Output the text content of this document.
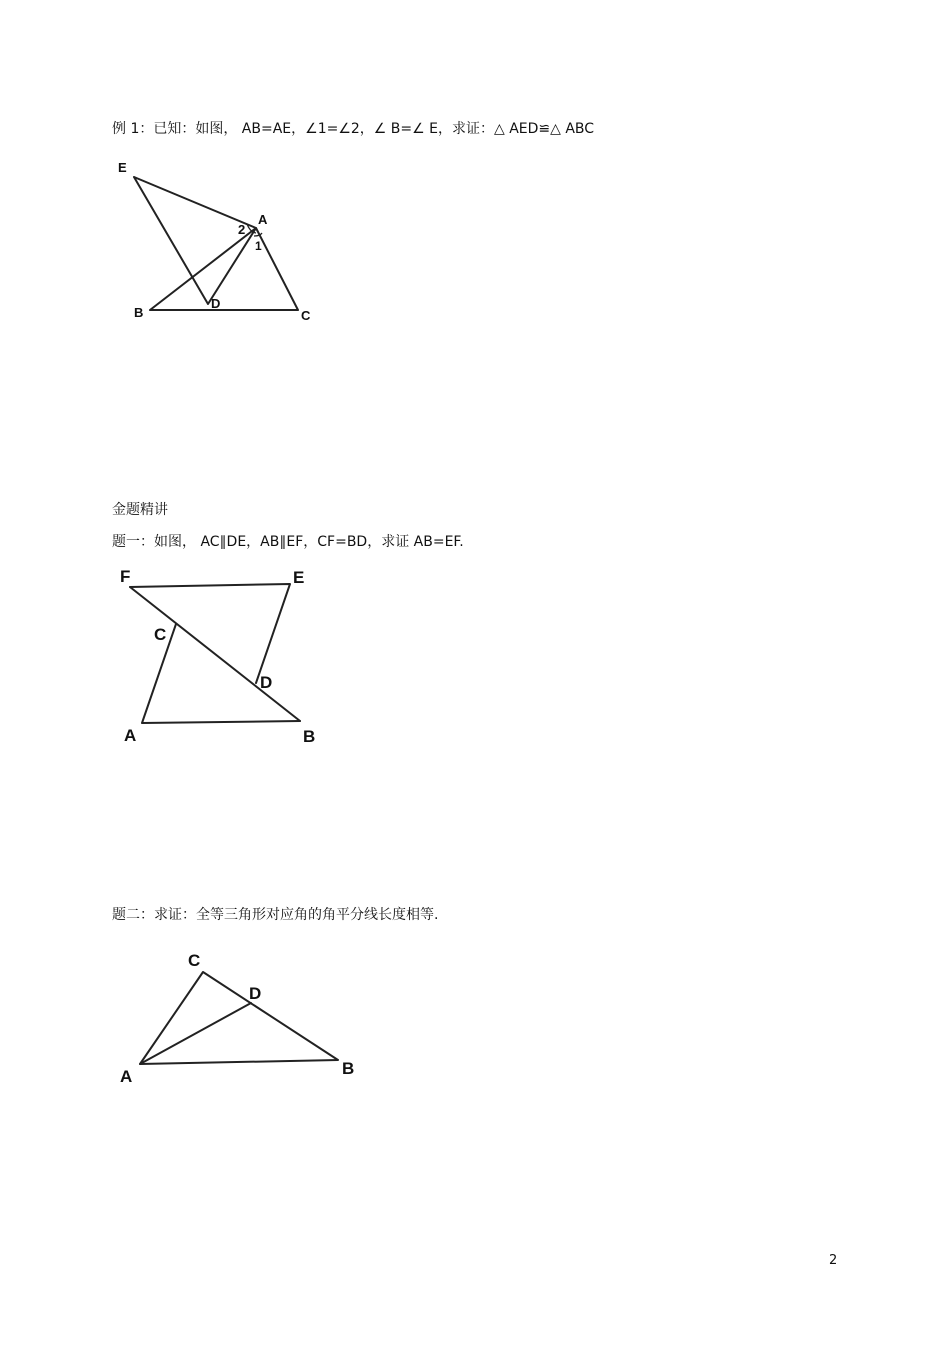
例 1：已知：如图， AB=AE，∠1=∠2，∠ B=∠ E，求证：△ AED≌△ ABC
E
A
2
1
B
D
C
金题精讲
题一：如图， AC∥DE，AB∥EF，CF=BD，求证 AB=EF.
F	E
C
D
A	B
题二：求证：全等三角形对应角的角平分线长度相等.
C
D
A	B
2
